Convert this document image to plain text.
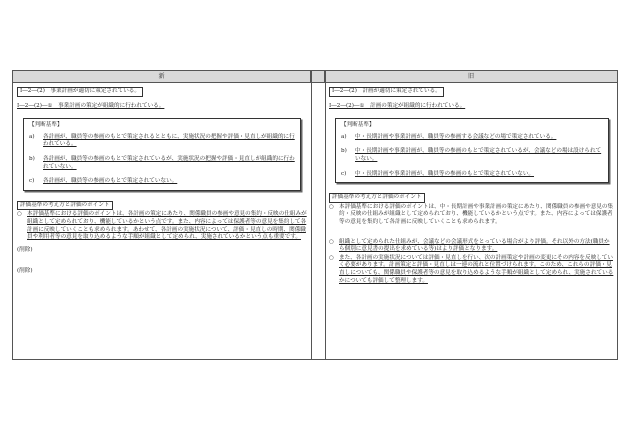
新	旧
Ⅰ―2―(2)　事業計画が適切に策定されている。
Ⅰ―2―(2)―①　事業計画の策定が組織的に行われている。
【判断基準】
a)	各計画が、職員等の参画のもとで策定されるとともに、実施状況の把握や評価・見直しが組織的に行われている。
b)	各計画が、職員等の参画のもとで策定されているが、実施状況の把握や評価・見直しが組織的に行われていない。
c)	各計画が、職員等の参画のもとで策定されていない。
評価基準の考え方と評価のポイント
○ 本評価基準における評価のポイントは、各計画の策定にあたり、関係職員の参画や意見の集約・反映の仕組みが組織として定められており、機能しているかという点です。また、内容によっては保護者等の意見を集約して各計画に反映していくことも求められます。あわせて、各計画の実施状況について、評価・見直しの時期、関係職員や利用者等の意見を取り込めるような手順が組織として定められ、実施されているかという点も重要です。
(削除)
(削除)
Ⅰ―2―(2)　計画が適切に策定されている。
Ⅰ―2―(2)―①　計画の策定が組織的に行われている。
【判断基準】
a)	中・長期計画や事業計画が、職員等の参画する会議などの場で策定されている。
b)	中・長期計画や事業計画が、職員等の参画のもとで策定されているが、会議などの場は設けられていない。
c)	中・長期計画や事業計画が、職員等の参画のもとで策定されていない。
評価基準の考え方と評価のポイント
○ 本評価基準における評価のポイントは、中・長期計画や事業計画の策定にあたり、関係職員の参画や意見の集約・反映の仕組みが組織として定められており、機能しているかという点です。また、内容によっては保護者等の意見を集約して各計画に反映していくことも求められます。
○ 組織として定められた仕組みが、会議などの会議形式をとっている場合がより評価。それ以外の方法(職員から個別に意見書の提出を求めている等)はより評価となります。
○ また、各計画の実施状況については評価・見直しを行い、次の計画策定や計画の変更にその内容を反映していく必要があります。計画策定と評価・見直しは一連の流れと位置づけられます。このため、これらの評価・見直しについても、関係職員や保護者等の意見を取り込めるような手順が組織として定められ、実施されているかについても評価して整理します。
